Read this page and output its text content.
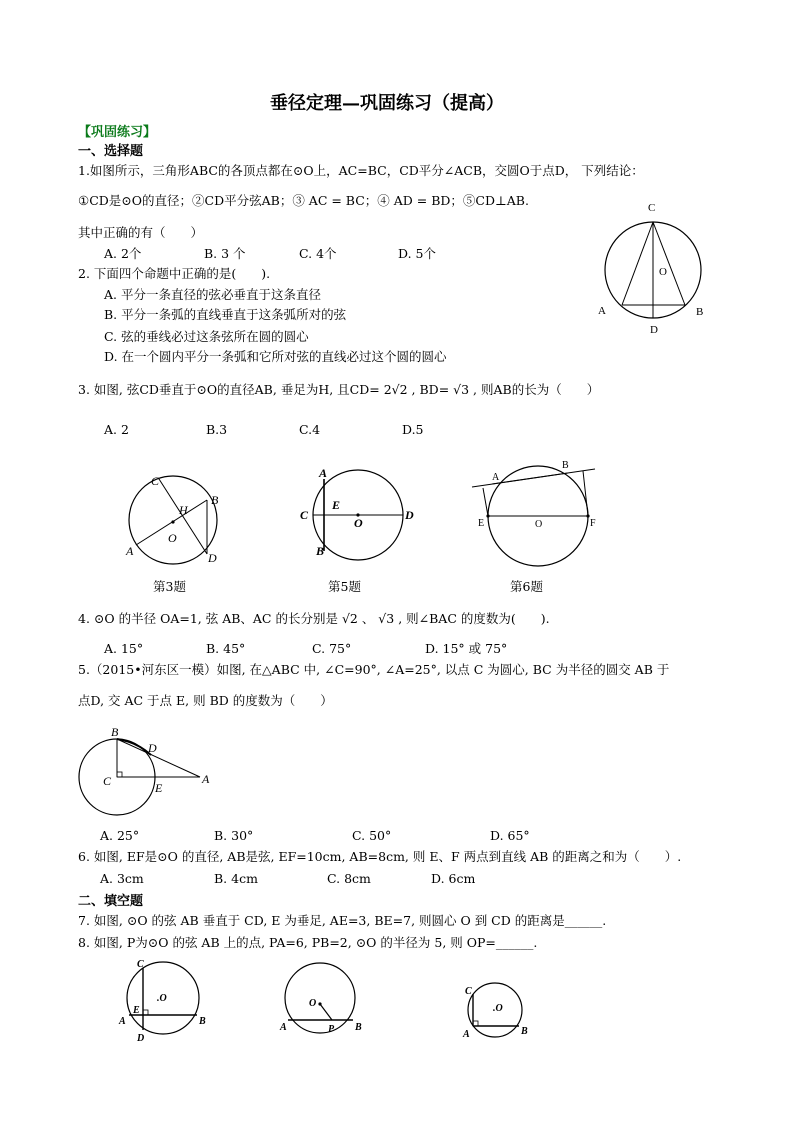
垂径定理—巩固练习（提高）
【巩固练习】
一、选择题
1.如图所示，三角形ABC的各顶点都在⊙O上，AC=BC，CD平分∠ACB，交圆O于点D， 下列结论：
①CD是⊙O的直径；②CD平分弦AB；③ AC = BC；④ AD = BD；⑤CD⊥AB.
其中正确的有（　　）
A. 2个	B. 3 个	C. 4个	D. 5个
C
O
A
D
B
2. 下面四个命题中正确的是(　　).
A. 平分一条直径的弦必垂直于这条直径
B. 平分一条弧的直线垂直于这条弧所对的弦
C. 弦的垂线必过这条弦所在圆的圆心
D. 在一个圆内平分一条弧和它所对弦的直线必过这个圆的圆心
3. 如图, 弦CD垂直于⊙O的直径AB, 垂足为H, 且CD= 2√2 , BD= √3 , 则AB的长为（　　）
A. 2	B.3	C.4	D.5
C
B
H
O
A	D
A
E
C
O
D
B
A
B
E	O	F
第3题	第5题	第6题
4. ⊙O 的半径 OA=1, 弦 AB、AC 的长分别是 √2 、 √3 , 则∠BAC 的度数为(　　).
A. 15°	B. 45°	C. 75°	D. 15° 或 75°
5.（2015•河东区一模）如图, 在△ABC 中, ∠C=90°, ∠A=25°, 以点 C 为圆心, BC 为半径的圆交 AB 于
点D, 交 AC 于点 E, 则 BD 的度数为（　　）
B
D
C	E
A
A. 25°	B. 30°	C. 50°	D. 65°
6. 如图, EF是⊙O 的直径, AB是弦, EF=10cm, AB=8cm, 则 E、F 两点到直线 AB 的距离之和为（　　）.
A. 3cm	B. 4cm	C. 8cm	D. 6cm
二、填空题
7. 如图, ⊙O 的弦 AB 垂直于 CD, E 为垂足, AE=3, BE=7, 则圆心 O 到 CD 的距离是______.
8. 如图, P为⊙O 的弦 AB 上的点, PA=6, PB=2, ⊙O 的半径为 5, 则 OP=______.
C
.O
E
A	B
D
O
A	P B
C
.O
A	B
